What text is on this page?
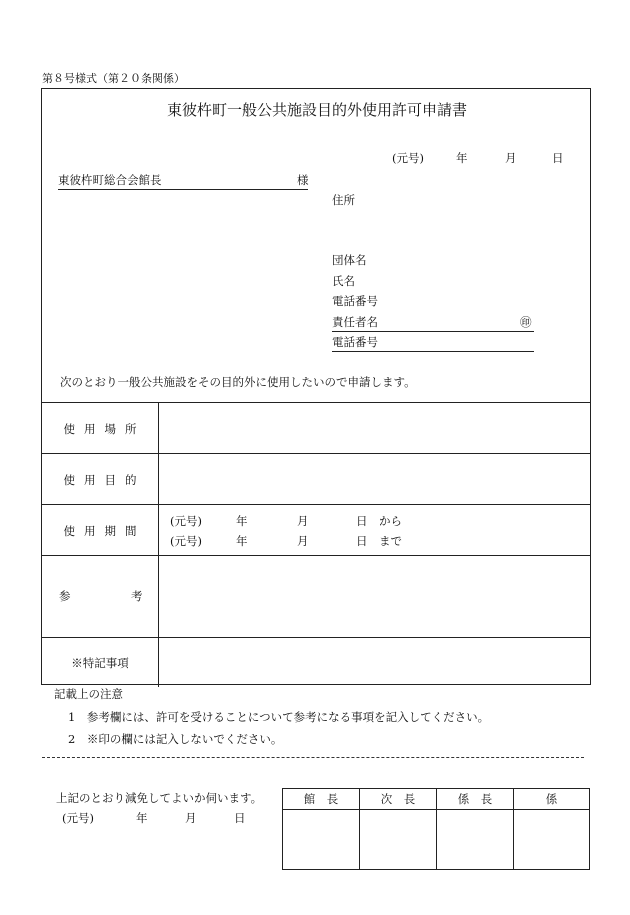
第８号様式（第２０条関係）
東彼杵町一般公共施設目的外使用許可申請書
(元号)	年	月	日
東彼杵町総合会館長	様
住所
団体名
氏名
電話番号
責任者名	㊞
電話番号
次のとおり一般公共施設をその目的外に使用したいので申請します。
使用場所
使用目的
使用期間
(元号)	年	月	日 から
(元号)	年	月	日 まで
参	考
※特記事項
記載上の注意
1　参考欄には、許可を受けることについて参考になる事項を記入してください。
2　※印の欄には記入しないでください。
上記のとおり減免してよいか伺います。
(元号)	年	月	日
館　長	次　長	係　長	係
